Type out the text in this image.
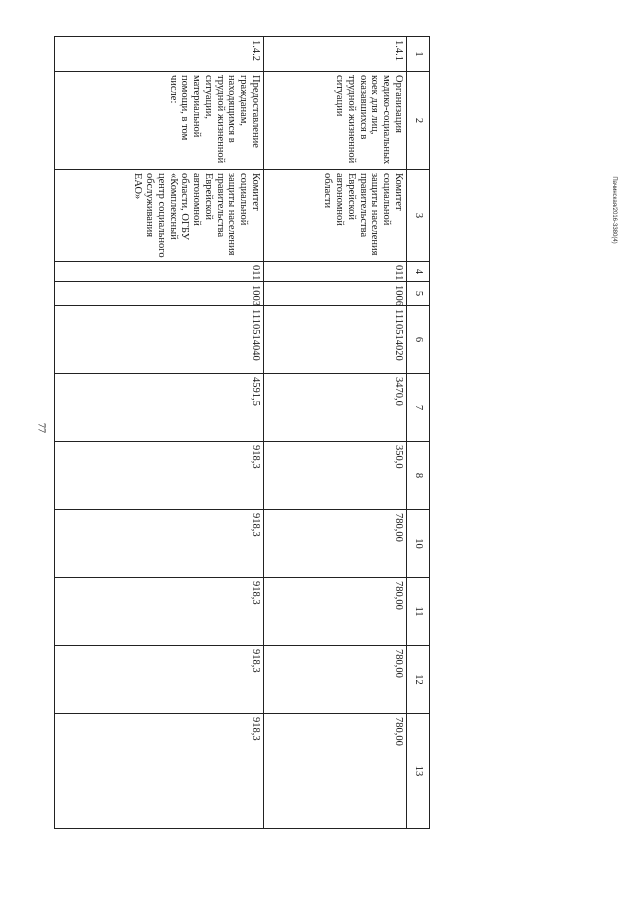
77
Пачинская/2016-3380(4)
1	2	3	4	5	6	7	8	10	11	12	13
1.4.1	Организация медико-социальных коек для лиц, оказавшихся в трудной жизненной ситуации	Комитет социальной защиты населения правительства Еврейской автономной области	011	1006	1110514020	3470,0	350,0	780,00	780,00	780,00	780,00
1.4.2	Предоставление гражданам, находящимся в трудной жизненной ситуации, материальной помощи, в том числе:	Комитет социальной защиты населения правительства Еврейской автономной области, ОГБУ «Комплексный центр социального обслуживания ЕАО»	011	1003	1110514040	4591,5	918,3	918,3	918,3	918,3	918,3
